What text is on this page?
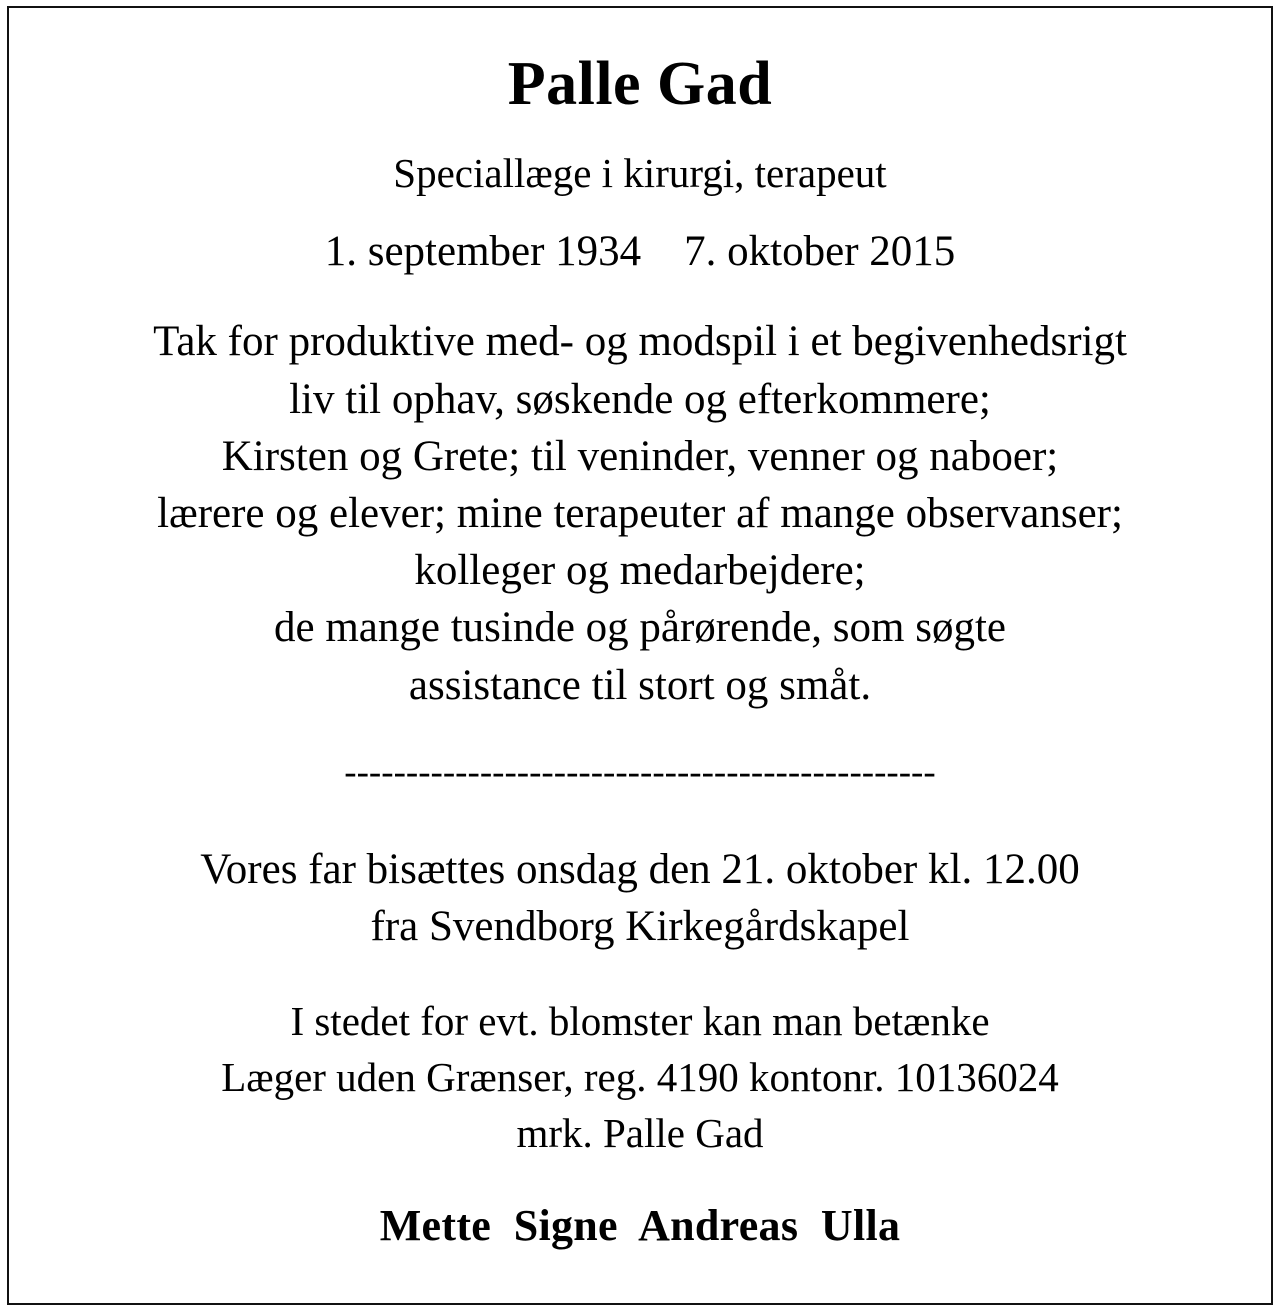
Palle Gad

Speciallæge i kirurgi, terapeut

1. september 1934    7. oktober 2015

Tak for produktive med- og modspil i et begivenhedsrigt
liv til ophav, søskende og efterkommere;
Kirsten og Grete; til veninder, venner og naboer;
lærere og elever; mine terapeuter af mange observanser;
kolleger og medarbejdere;
de mange tusinde og pårørende, som søgte
assistance til stort og småt.
------------------------------------------------
Vores far bisættes onsdag den 21. oktober kl. 12.00
fra Svendborg Kirkegårdskapel
I stedet for evt. blomster kan man betænke
Læger uden Grænser, reg. 4190 kontonr. 10136024
mrk. Palle Gad
Mette  Signe  Andreas  Ulla
